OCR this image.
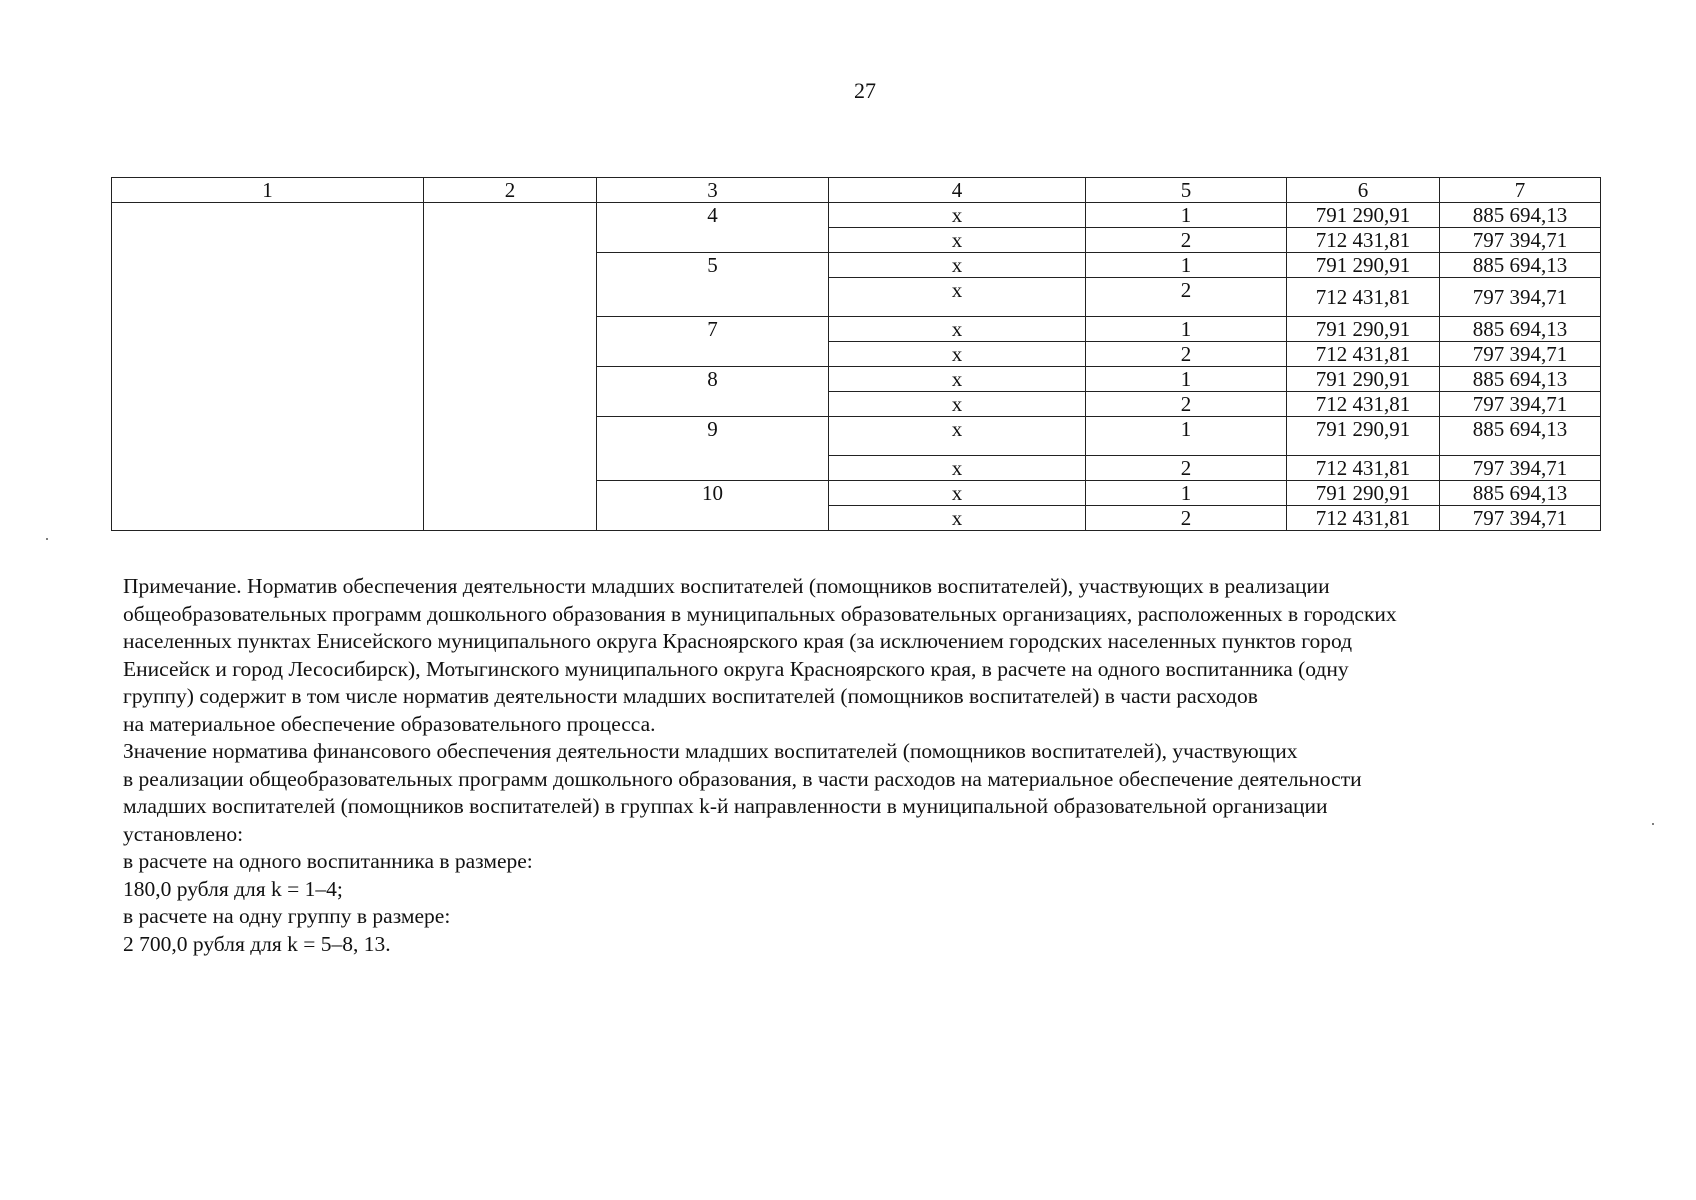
27
1	2	3	4	5	6	7
		4	х	1	791 290,91	885 694,13
			х	2	712 431,81	797 394,71
		5	х	1	791 290,91	885 694,13
			х	2	712 431,81	797 394,71
		7	х	1	791 290,91	885 694,13
			х	2	712 431,81	797 394,71
		8	х	1	791 290,91	885 694,13
			х	2	712 431,81	797 394,71
		9	х	1	791 290,91	885 694,13
			х	2	712 431,81	797 394,71
		10	х	1	791 290,91	885 694,13
			х	2	712 431,81	797 394,71

Примечание. Норматив обеспечения деятельности младших воспитателей (помощников воспитателей), участвующих в реализации

общеобразовательных программ дошкольного образования в муниципальных образовательных организациях, расположенных в городских

населенных пунктах Енисейского муниципального округа Красноярского края (за исключением городских населенных пунктов город

Енисейск и город Лесосибирск), Мотыгинского муниципального округа Красноярского края, в расчете на одного воспитанника (одну

группу) содержит в том числе норматив деятельности младших воспитателей (помощников воспитателей) в части расходов

на материальное обеспечение образовательного процесса.

Значение норматива финансового обеспечения деятельности младших воспитателей (помощников воспитателей), участвующих

в реализации общеобразовательных программ дошкольного образования, в части расходов на материальное обеспечение деятельности

младших воспитателей (помощников воспитателей) в группах k-й направленности в муниципальной образовательной организации

установлено:

в расчете на одного воспитанника в размере:

180,0 рубля для k = 1–4;

в расчете на одну группу в размере:

2 700,0 рубля для k = 5–8, 13.
